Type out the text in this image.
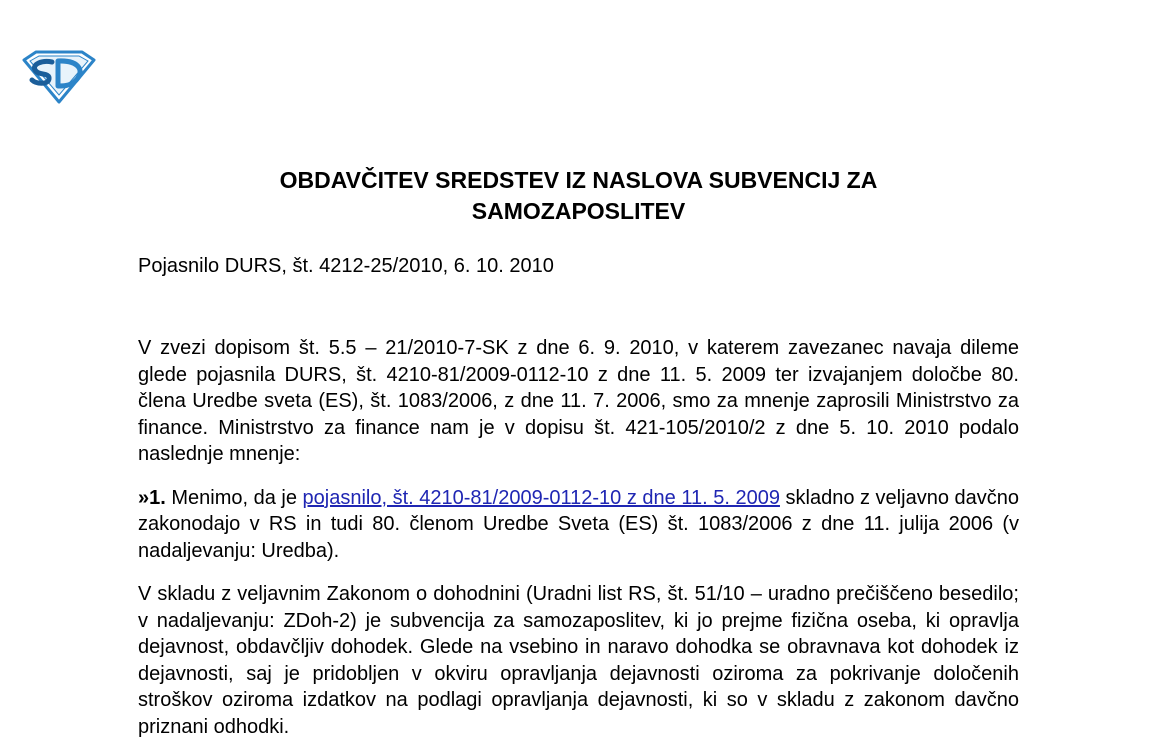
OBDAVČITEV SREDSTEV IZ NASLOVA SUBVENCIJ ZA
SAMOZAPOSLITEV

Pojasnilo DURS, št. 4212-25/2010, 6. 10. 2010

V zvezi dopisom št. 5.5 – 21/2010-7-SK z dne 6. 9. 2010, v katerem zavezanec navaja dileme glede pojasnila DURS, št. 4210-81/2009-0112-10 z dne 11. 5. 2009 ter izvajanjem določbe 80. člena Uredbe sveta (ES), št. 1083/2006, z dne 11. 7. 2006, smo za mnenje zaprosili Ministrstvo za finance. Ministrstvo za finance nam je v dopisu št. 421-105/2010/2 z dne 5. 10. 2010 podalo naslednje mnenje:

»1. Menimo, da je pojasnilo, št. 4210-81/2009-0112-10 z dne 11. 5. 2009 skladno z veljavno davčno zakonodajo v RS in tudi 80. členom Uredbe Sveta (ES) št. 1083/2006 z dne 11. julija 2006 (v nadaljevanju: Uredba).

V skladu z veljavnim Zakonom o dohodnini (Uradni list RS, št. 51/10 – uradno prečiščeno besedilo; v nadaljevanju: ZDoh-2) je subvencija za samozaposlitev, ki jo prejme fizična oseba, ki opravlja dejavnost, obdavčljiv dohodek. Glede na vsebino in naravo dohodka se obravnava kot dohodek iz dejavnosti, saj je pridobljen v okviru opravljanja dejavnosti oziroma za pokrivanje določenih stroškov oziroma izdatkov na podlagi opravljanja dejavnosti, ki so v skladu z zakonom davčno priznani odhodki.
